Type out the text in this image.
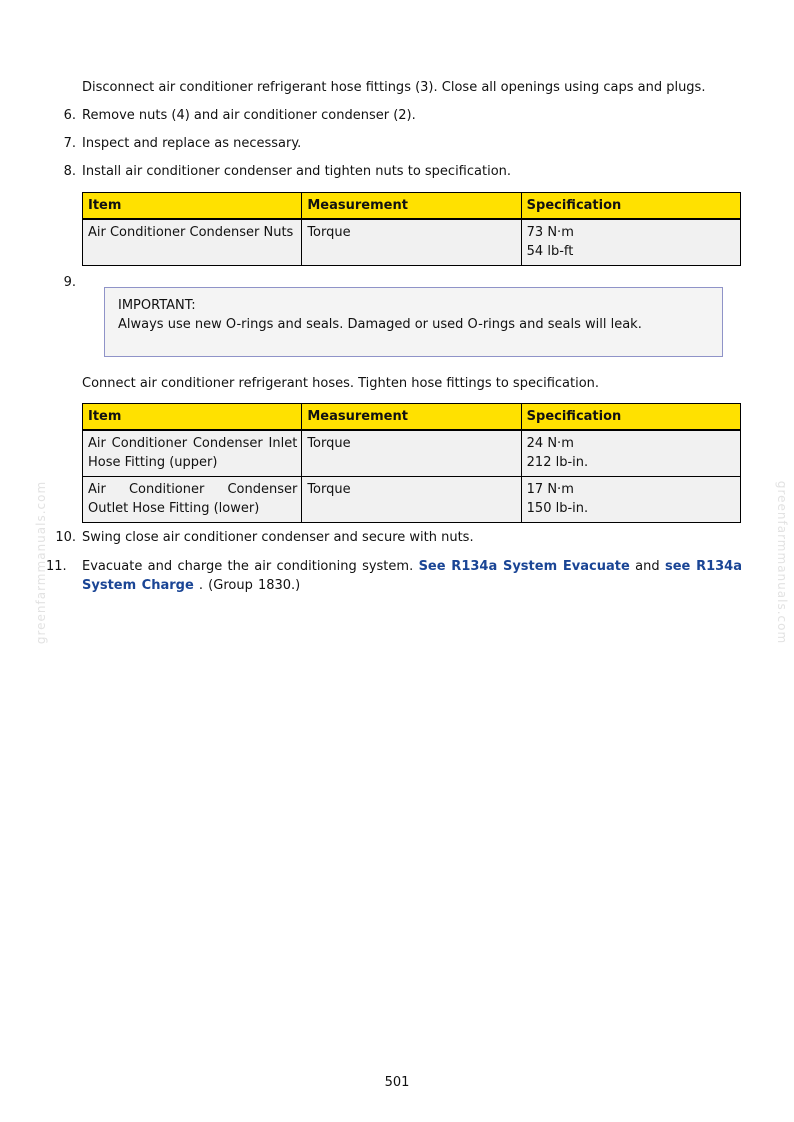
greenfarmmanuals.com	greenfarmmanuals.com
Disconnect air conditioner refrigerant hose fittings (3). Close all openings using caps and plugs.
6. Remove nuts (4) and air conditioner condenser (2).
7. Inspect and replace as necessary.
8. Install air conditioner condenser and tighten nuts to specification.
Item	Measurement	Specification
Air Conditioner Condenser Nuts	Torque	73 N·m
54 lb-ft
9.
IMPORTANT:
Always use new O-rings and seals. Damaged or used O-rings and seals will leak.
Connect air conditioner refrigerant hoses. Tighten hose fittings to specification.
Item	Measurement	Specification
Air Conditioner Condenser Inlet Hose Fitting (upper)	Torque	24 N·m
212 lb-in.

Air Conditioner Condenser Outlet Hose Fitting (lower)	Torque	17 N·m
150 lb-in.
10. Swing close air conditioner condenser and secure with nuts.
11.	Evacuate and charge the air conditioning system. See R134a System Evacuate and see R134a System Charge . (Group 1830.)
501
